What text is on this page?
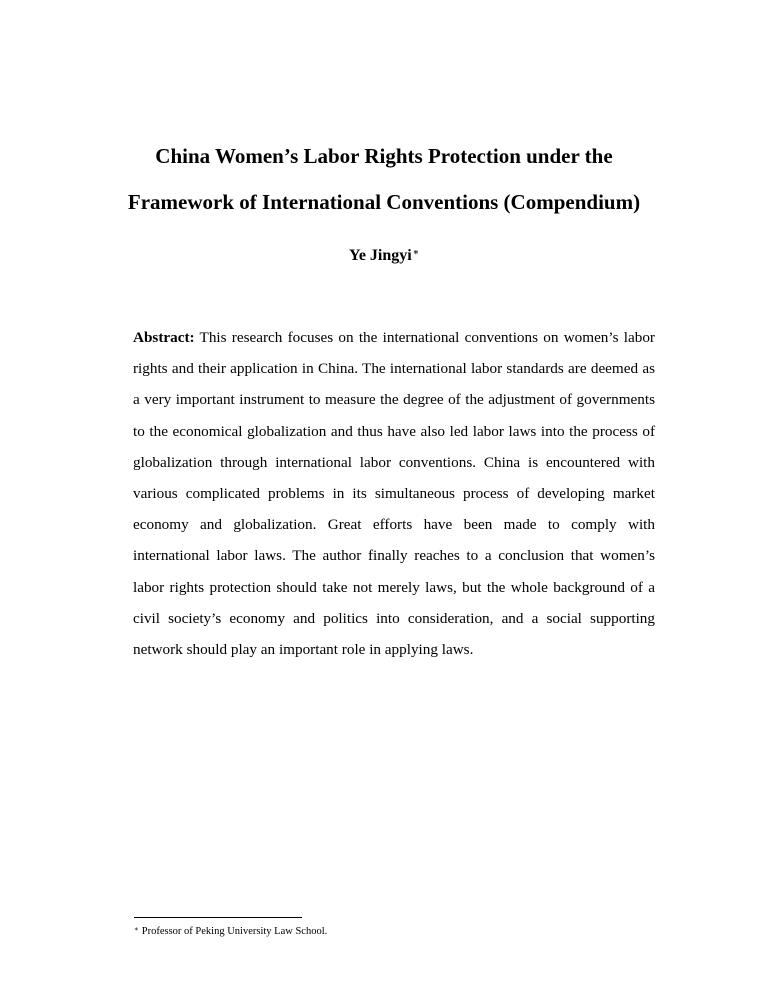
China Women’s Labor Rights Protection under the
Framework of International Conventions (Compendium)
Ye Jingyi∗

Abstract: This research focuses on the international conventions on women’s labor rights and their application in China. The international labor standards are deemed as a very important instrument to measure the degree of the adjustment of governments to the economical globalization and thus have also led labor laws into the process of globalization through international labor conventions. China is encountered with various complicated problems in its simultaneous process of developing market economy and globalization. Great efforts have been made to comply with international labor laws. The author finally reaches to a conclusion that women’s labor rights protection should take not merely laws, but the whole background of a civil society’s economy and politics into consideration, and a social supporting network should play an important role in applying laws.

∗ Professor of Peking University Law School.
